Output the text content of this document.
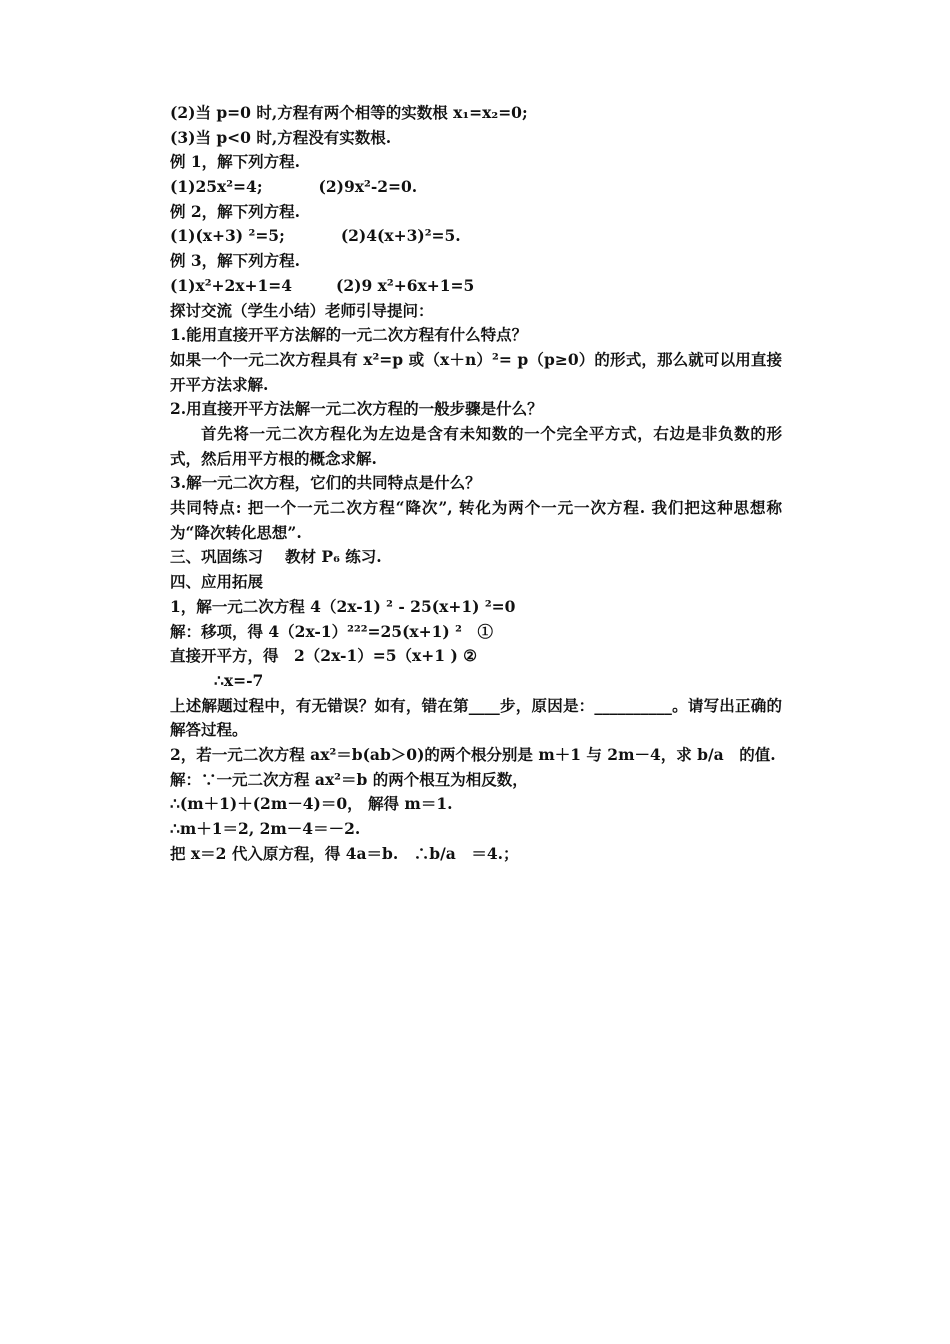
(2)当 p=0 时,方程有两个相等的实数根 x₁=x₂=0;
(3)当 p<0 时,方程没有实数根.
例 1，解下列方程.
(1)25x²=4;	(2)9x²-2=0.
例 2，解下列方程.
(1)(x+3) ²=5;	(2)4(x+3)²=5.
例 3，解下列方程.
(1)x²+2x+1=4	(2)9 x²+6x+1=5
探讨交流（学生小结）老师引导提问：
1.能用直接开平方法解的一元二次方程有什么特点？
如果一个一元二次方程具有 x²=p 或（x＋n）²= p（p≥0）的形式，那么就可以用直接开平方法求解.
2.用直接开平方法解一元二次方程的一般步骤是什么？
首先将一元二次方程化为左边是含有未知数的一个完全平方式，右边是非负数的形式，然后用平方根的概念求解.
3.解一元二次方程，它们的共同特点是什么？
共同特点: 把一个一元二次方程“降次”, 转化为两个一元一次方程. 我们把这种思想称为“降次转化思想”.
三、巩固练习 教材 P₆ 练习.
四、应用拓展
1，解一元二次方程 4（2x-1) ² - 25(x+1) ²=0
解：移项，得 4（2x-1）²²²=25(x+1) ²　①
直接开平方，得　2（2x-1）=5（x+1 ) ②
∴x=-7
上述解题过程中，有无错误？如有，错在第____步，原因是：__________。请写出正确的解答过程。
2，若一元二次方程 ax²＝b(ab＞0)的两个根分别是 m＋1 与 2m－4，求 b/a　的值.
解：∵一元二次方程 ax²＝b 的两个根互为相反数，
∴(m＋1)＋(2m－4)＝0， 解得 m＝1.
∴m＋1＝2, 2m－4＝－2.
把 x＝2 代入原方程，得 4a＝b.　∴b/a　＝4.；
